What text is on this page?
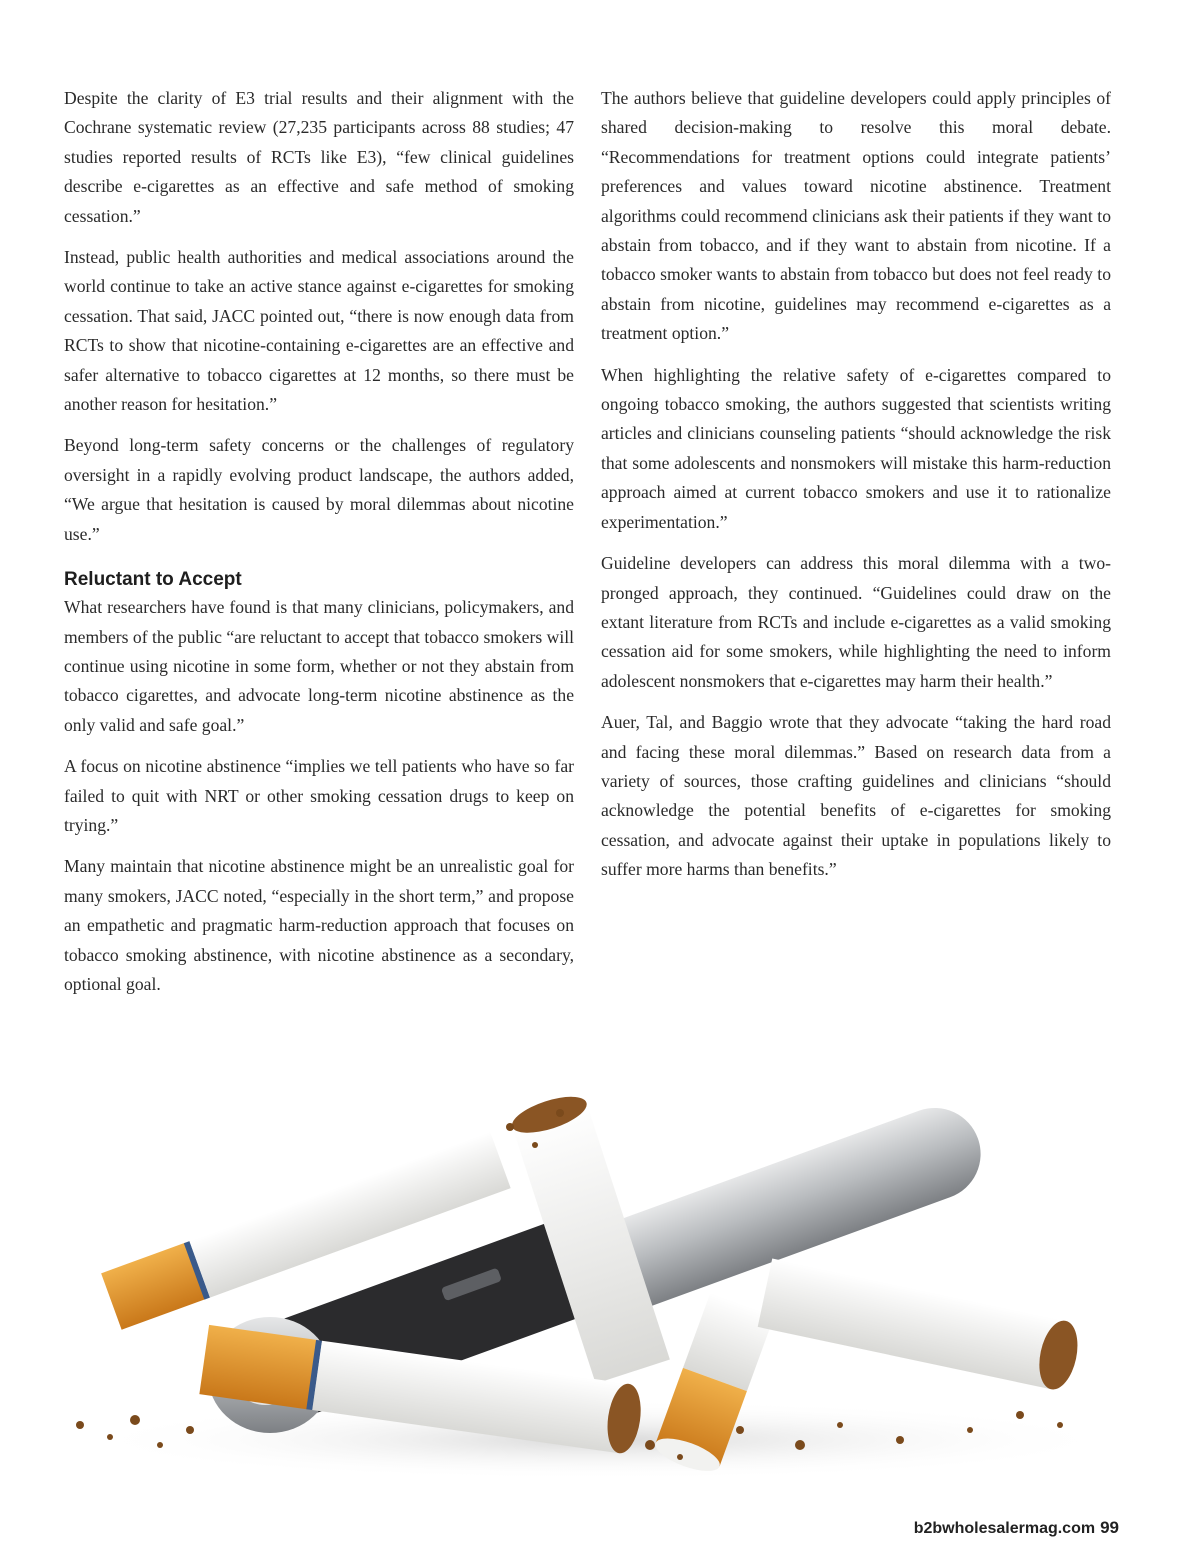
Despite the clarity of E3 trial results and their alignment with the Cochrane systematic review (27,235 participants across 88 studies; 47 studies reported results of RCTs like E3), “few clinical guidelines describe e-cigarettes as an effective and safe method of smoking cessation.”

Instead, public health authorities and medical associations around the world continue to take an active stance against e-cigarettes for smoking cessation. That said, JACC pointed out, “there is now enough data from RCTs to show that nicotine-containing e-cigarettes are an effective and safer alternative to tobacco cigarettes at 12 months, so there must be another reason for hesitation.”

Beyond long-term safety concerns or the challenges of regulatory oversight in a rapidly evolving product landscape, the authors added, “We argue that hesitation is caused by moral dilemmas about nicotine use.”

Reluctant to Accept

What researchers have found is that many clinicians, policymakers, and members of the public “are reluctant to accept that tobacco smokers will continue using nicotine in some form, whether or not they abstain from tobacco cigarettes, and advocate long-term nicotine abstinence as the only valid and safe goal.”

A focus on nicotine abstinence “implies we tell patients who have so far failed to quit with NRT or other smoking cessation drugs to keep on trying.”

Many maintain that nicotine abstinence might be an unrealistic goal for many smokers, JACC noted, “especially in the short term,” and propose an empathetic and pragmatic harm-reduction approach that focuses on tobacco smoking abstinence, with nicotine abstinence as a secondary, optional goal.

The authors believe that guideline developers could apply principles of shared decision-making to resolve this moral debate. “Recommendations for treatment options could integrate patients’ preferences and values toward nicotine abstinence. Treatment algorithms could recommend clinicians ask their patients if they want to abstain from tobacco, and if they want to abstain from nicotine. If a tobacco smoker wants to abstain from tobacco but does not feel ready to abstain from nicotine, guidelines may recommend e-cigarettes as a treatment option.”

When highlighting the relative safety of e-cigarettes compared to ongoing tobacco smoking, the authors suggested that scientists writing articles and clinicians counseling patients “should acknowledge the risk that some adolescents and nonsmokers will mistake this harm-reduction approach aimed at current tobacco smokers and use it to rationalize experimentation.”

Guideline developers can address this moral dilemma with a two-pronged approach, they continued. “Guidelines could draw on the extant literature from RCTs and include e-cigarettes as a valid smoking cessation aid for some smokers, while highlighting the need to inform adolescent nonsmokers that e-cigarettes may harm their health.”

Auer, Tal, and Baggio wrote that they advocate “taking the hard road and facing these moral dilemmas.” Based on research data from a variety of sources, those crafting guidelines and clinicians “should acknowledge the potential benefits of e-cigarettes for smoking cessation, and advocate against their uptake in populations likely to suffer more harms than benefits.”

b2bwholesalermag.com 99
